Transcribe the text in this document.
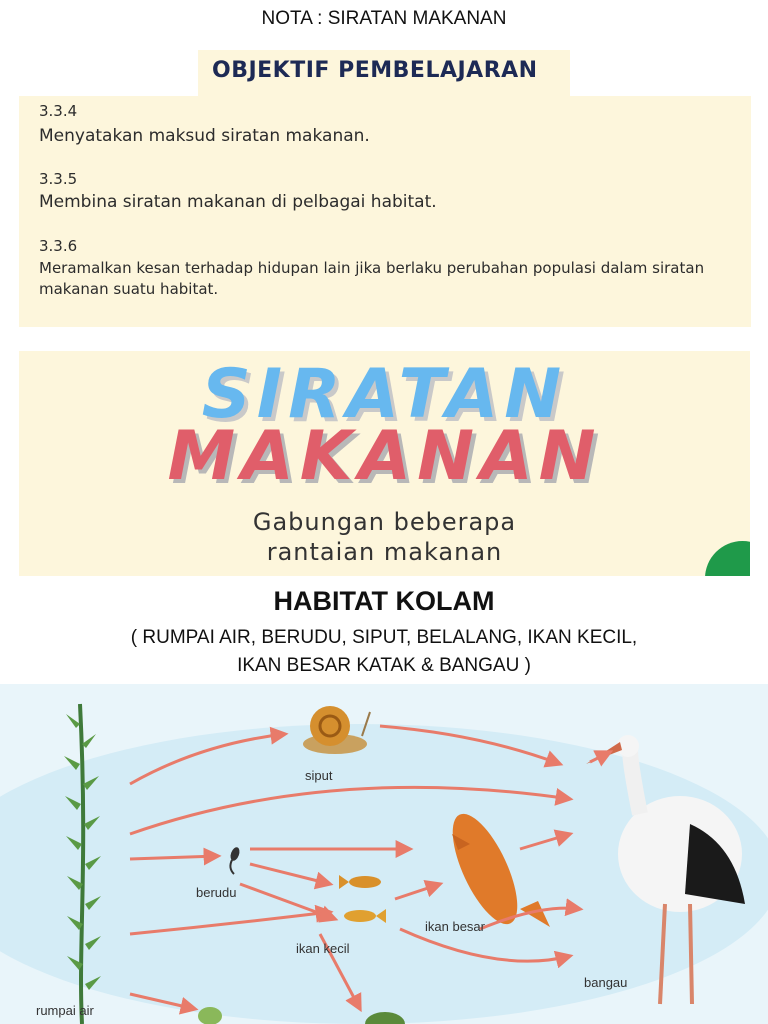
NOTA : SIRATAN MAKANAN
OBJEKTIF PEMBELAJARAN
3.3.4
Menyatakan maksud siratan makanan.
3.3.5
Membina siratan makanan di pelbagai habitat.
3.3.6
Meramalkan kesan terhadap hidupan lain jika berlaku perubahan populasi dalam siratan makanan suatu habitat.
SIRATAN
MAKANAN
Gabungan beberapa
rantaian makanan
HABITAT KOLAM
( RUMPAI AIR, BERUDU, SIPUT, BELALANG, IKAN KECIL,
IKAN BESAR KATAK & BANGAU )
siput
berudu
ikan kecil
ikan besar
bangau
rumpai air
